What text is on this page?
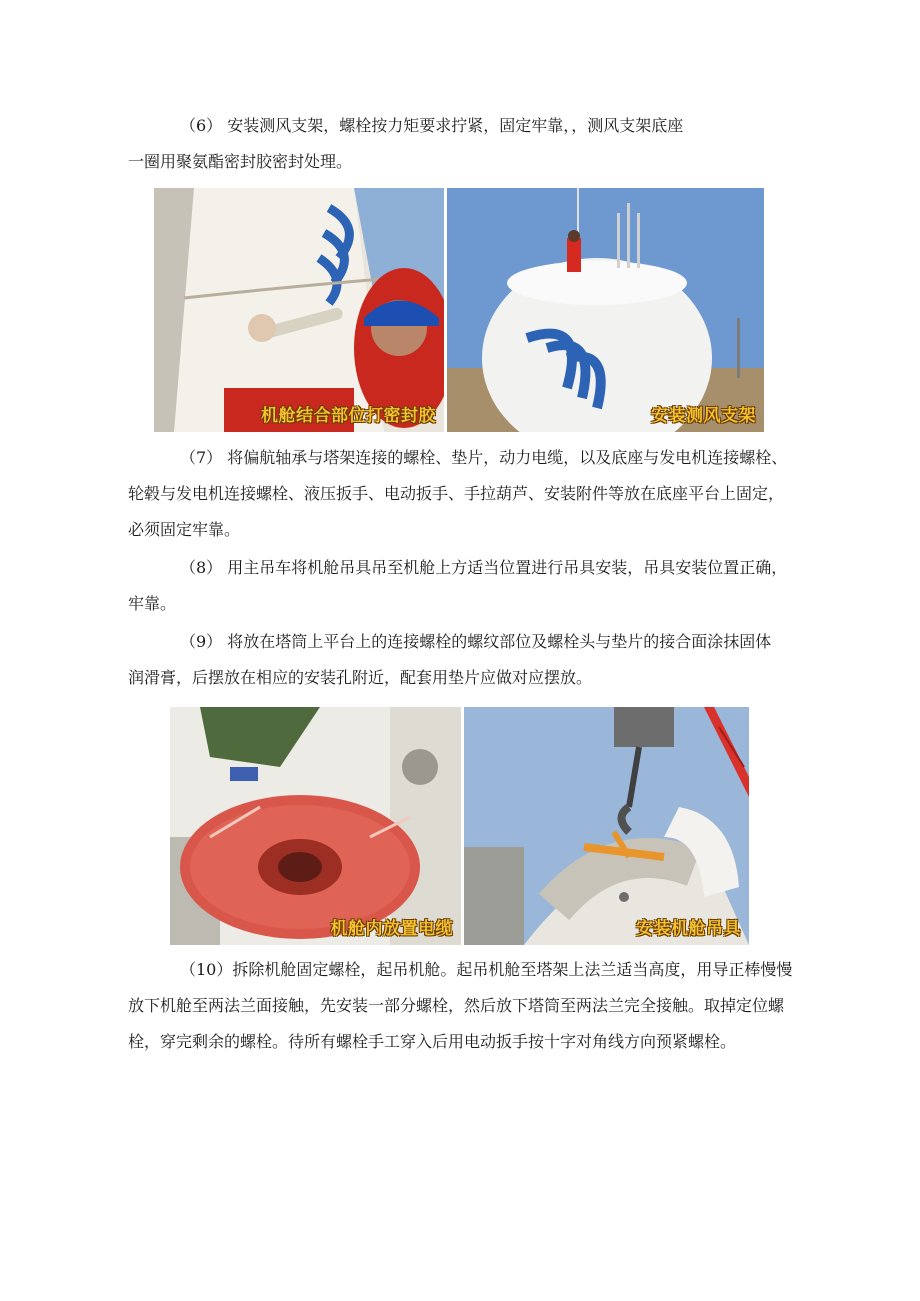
（6） 安装测风支架，螺栓按力矩要求拧紧，固定牢靠，，测风支架底座
一圈用聚氨酯密封胶密封处理。
机舱结合部位打密封胶	安装测风支架
（7） 将偏航轴承与塔架连接的螺栓、垫片，动力电缆，以及底座与发电机连接螺栓、
轮毂与发电机连接螺栓、液压扳手、电动扳手、手拉葫芦、安装附件等放在底座平台上固定，
必须固定牢靠。
（8） 用主吊车将机舱吊具吊至机舱上方适当位置进行吊具安装，吊具安装位置正确，
牢靠。
（9） 将放在塔筒上平台上的连接螺栓的螺纹部位及螺栓头与垫片的接合面涂抹固体
润滑膏，后摆放在相应的安装孔附近，配套用垫片应做对应摆放。
机舱内放置电缆	安装机舱吊具
（10）拆除机舱固定螺栓，起吊机舱。起吊机舱至塔架上法兰适当高度，用导正棒慢慢
放下机舱至两法兰面接触，先安装一部分螺栓，然后放下塔筒至两法兰完全接触。取掉定位螺
栓，穿完剩余的螺栓。待所有螺栓手工穿入后用电动扳手按十字对角线方向预紧螺栓。
